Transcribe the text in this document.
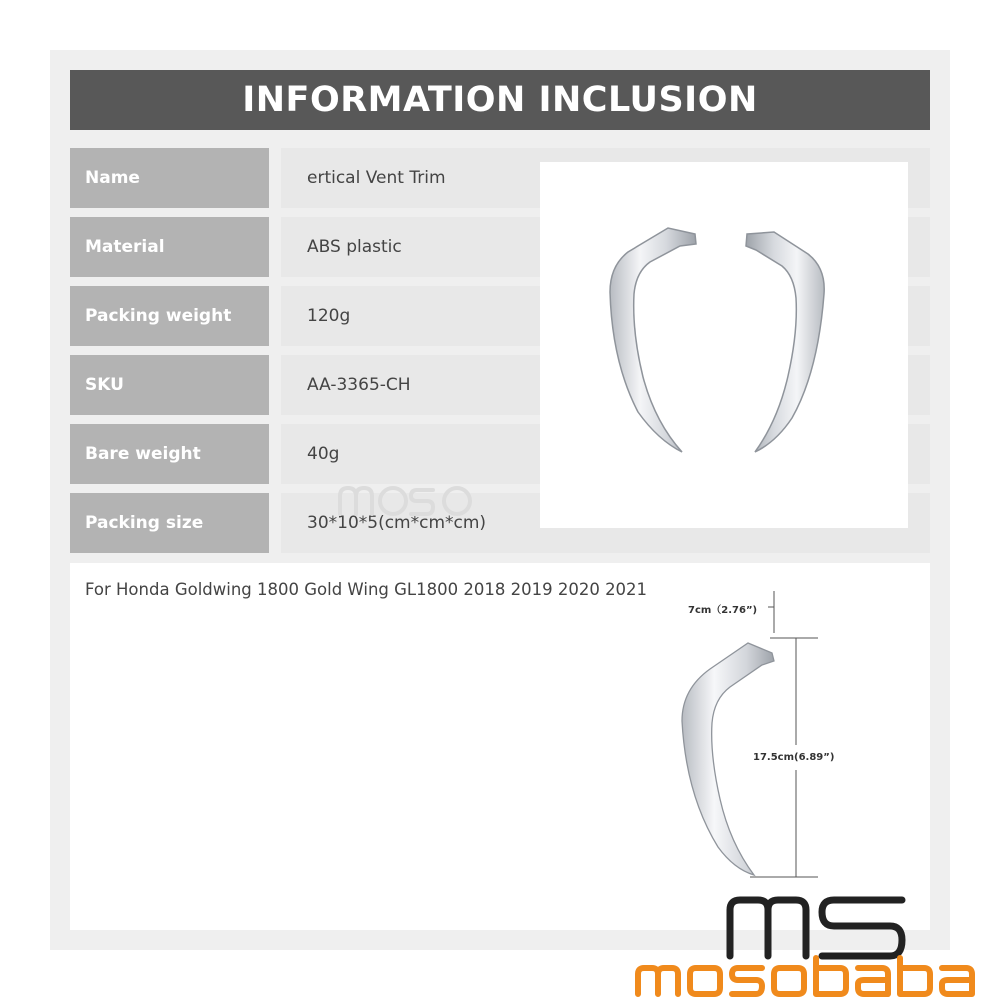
INFORMATION INCLUSION
Name	ertical Vent Trim
Material	ABS plastic
Packing weight	120g
SKU	AA-3365-CH
Bare weight	40g
Packing size	30*10*5(cm*cm*cm)
For Honda Goldwing 1800 Gold Wing GL1800 2018 2019 2020 2021
7cm（2.76”)
17.5cm(6.89”)
